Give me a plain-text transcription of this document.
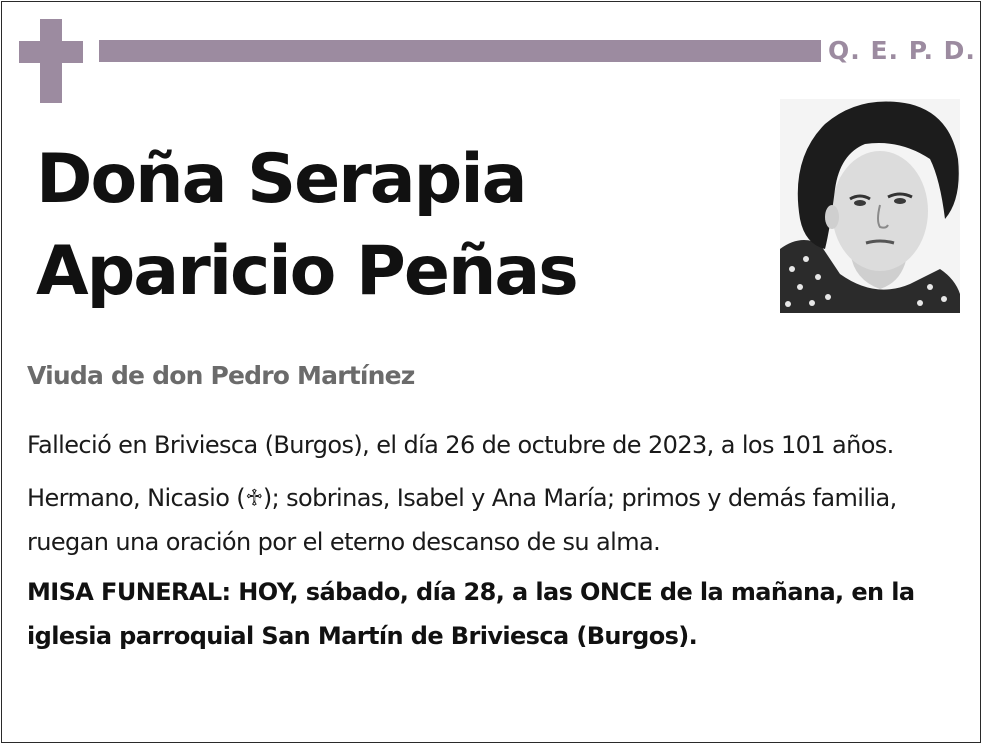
Q. E. P. D.
Doña Serapia
Aparicio Peñas
Viuda de don Pedro Martínez
Falleció en Briviesca (Burgos), el día 26 de octubre de 2023, a los 101 años.
Hermano, Nicasio (♱); sobrinas, Isabel y Ana María; primos y demás familia, ruegan una oración por el eterno descanso de su alma.
MISA FUNERAL: HOY, sábado, día 28, a las ONCE de la mañana, en la iglesia parroquial San Martín de Briviesca (Burgos).
